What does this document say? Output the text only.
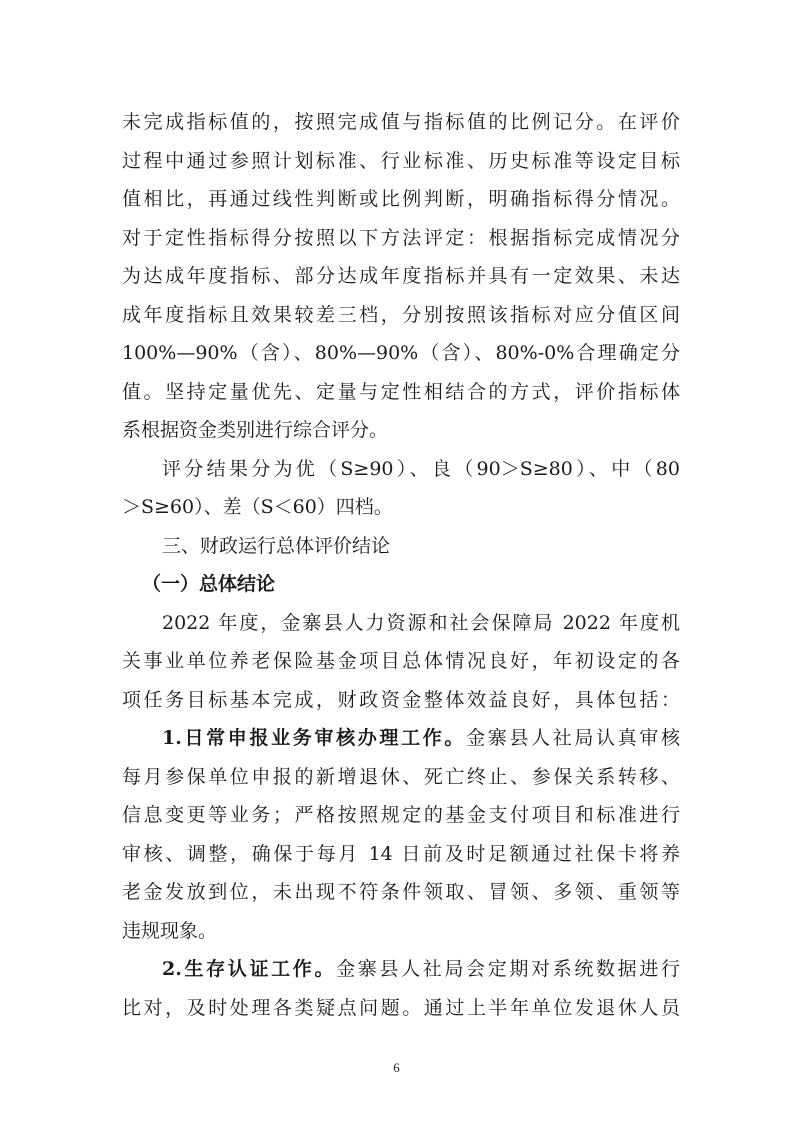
未完成指标值的，按照完成值与指标值的比例记分。在评价
过程中通过参照计划标准、行业标准、历史标准等设定目标
值相比，再通过线性判断或比例判断，明确指标得分情况。
对于定性指标得分按照以下方法评定：根据指标完成情况分
为达成年度指标、部分达成年度指标并具有一定效果、未达
成年度指标且效果较差三档，分别按照该指标对应分值区间
100%—90%（含）、80%—90%（含）、80%-0%合理确定分
值。坚持定量优先、定量与定性相结合的方式，评价指标体
系根据资金类别进行综合评分。
评分结果分为优（S≥90）、良（90＞S≥80）、中（80
＞S≥60）、差（S＜60）四档。
三、财政运行总体评价结论
（一）总体结论
2022 年度，金寨县人力资源和社会保障局 2022 年度机
关事业单位养老保险基金项目总体情况良好，年初设定的各
项任务目标基本完成，财政资金整体效益良好，具体包括：
1.日常申报业务审核办理工作。金寨县人社局认真审核
每月参保单位申报的新增退休、死亡终止、参保关系转移、
信息变更等业务；严格按照规定的基金支付项目和标准进行
审核、调整，确保于每月 14 日前及时足额通过社保卡将养
老金发放到位，未出现不符条件领取、冒领、多领、重领等
违规现象。
2.生存认证工作。金寨县人社局会定期对系统数据进行
比对，及时处理各类疑点问题。通过上半年单位发退休人员
6
